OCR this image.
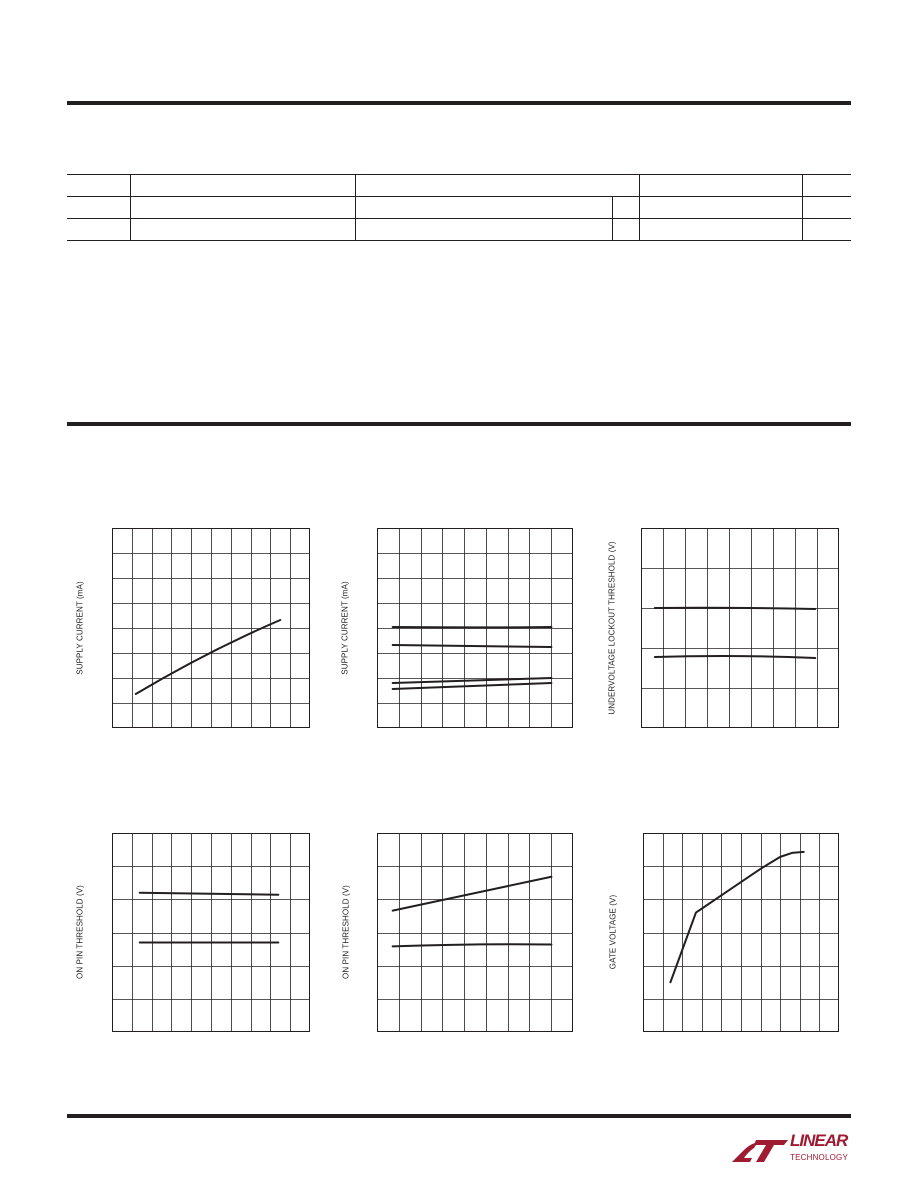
SUPPLY CURRENT (mA)	SUPPLY CURRENT (mA)	UNDERVOLTAGE LOCKOUT THRESHOLD (V)
ON PIN THRESHOLD (V)	ON PIN THRESHOLD (V)	GATE VOLTAGE (V)
LINEAR
TECHNOLOGY
